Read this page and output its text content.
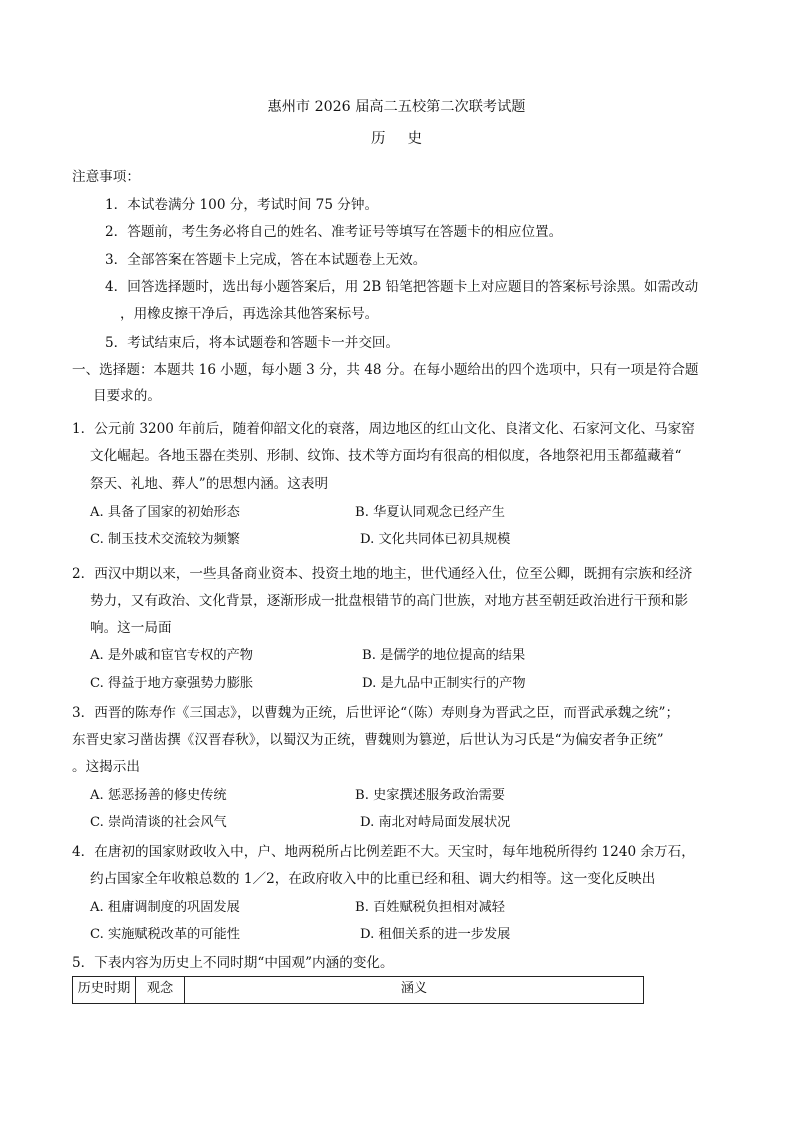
惠州市 2026 届高二五校第二次联考试题
历 史
注意事项：
1．本试卷满分 100 分，考试时间 75 分钟。
2．答题前，考生务必将自己的姓名、准考证号等填写在答题卡的相应位置。
3．全部答案在答题卡上完成，答在本试题卷上无效。
4．回答选择题时，选出每小题答案后，用 2B 铅笔把答题卡上对应题目的答案标号涂黑。如需改动
，用橡皮擦干净后，再选涂其他答案标号。
5．考试结束后，将本试题卷和答题卡一并交回。
一、选择题：本题共 16 小题，每小题 3 分，共 48 分。在每小题给出的四个选项中，只有一项是符合题
目要求的。
1．公元前 3200 年前后，随着仰韶文化的衰落，周边地区的红山文化、良渚文化、石家河文化、马家窑
文化崛起。各地玉器在类别、形制、纹饰、技术等方面均有很高的相似度，各地祭祀用玉都蕴藏着“
祭天、礼地、葬人”的思想内涵。这表明
A. 具备了国家的初始形态	B. 华夏认同观念已经产生
C. 制玉技术交流较为频繁	D. 文化共同体已初具规模
2．西汉中期以来，一些具备商业资本、投资土地的地主，世代通经入仕，位至公卿，既拥有宗族和经济
势力，又有政治、文化背景，逐渐形成一批盘根错节的高门世族，对地方甚至朝廷政治进行干预和影
响。这一局面
A. 是外戚和宦官专权的产物	B. 是儒学的地位提高的结果
C. 得益于地方豪强势力膨胀	D. 是九品中正制实行的产物
3．西晋的陈寿作《三国志》，以曹魏为正统，后世评论“（陈）寿则身为晋武之臣，而晋武承魏之统”；
东晋史家习凿齿撰《汉晋春秋》，以蜀汉为正统，曹魏则为篡逆，后世认为习氏是“为偏安者争正统”
。这揭示出
A. 惩恶扬善的修史传统	B. 史家撰述服务政治需要
C. 崇尚清谈的社会风气	D. 南北对峙局面发展状况
4．在唐初的国家财政收入中，户、地两税所占比例差距不大。天宝时，每年地税所得约 1240 余万石，
约占国家全年收粮总数的 1／2，在政府收入中的比重已经和租、调大约相等。这一变化反映出
A. 租庸调制度的巩固发展	B. 百姓赋税负担相对减轻
C. 实施赋税改革的可能性	D. 租佃关系的进一步发展
5．下表内容为历史上不同时期“中国观”内涵的变化。
历史时期	观念	涵义
